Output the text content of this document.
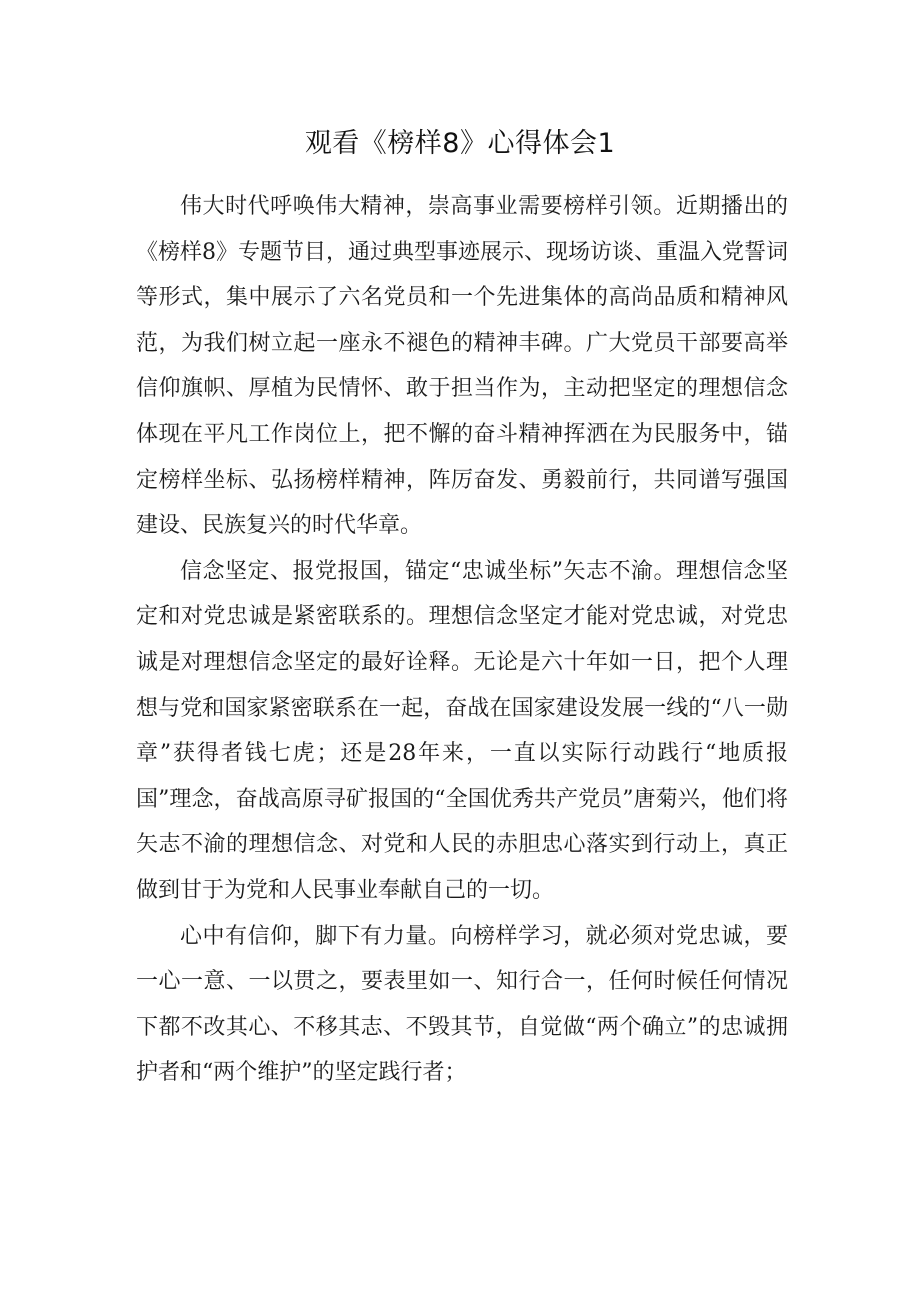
观看《榜样8》心得体会1

伟大时代呼唤伟大精神，崇高事业需要榜样引领。近期播出的《榜样8》专题节目，通过典型事迹展示、现场访谈、重温入党誓词等形式，集中展示了六名党员和一个先进集体的高尚品质和精神风范，为我们树立起一座永不褪色的精神丰碑。广大党员干部要高举信仰旗帜、厚植为民情怀、敢于担当作为，主动把坚定的理想信念体现在平凡工作岗位上，把不懈的奋斗精神挥洒在为民服务中，锚定榜样坐标、弘扬榜样精神，阵厉奋发、勇毅前行，共同谱写强国建设、民族复兴的时代华章。

信念坚定、报党报国，锚定“忠诚坐标”矢志不渝。理想信念坚定和对党忠诚是紧密联系的。理想信念坚定才能对党忠诚，对党忠诚是对理想信念坚定的最好诠释。无论是六十年如一日，把个人理想与党和国家紧密联系在一起，奋战在国家建设发展一线的“八一勋章”获得者钱七虎；还是28年来，一直以实际行动践行“地质报国”理念，奋战高原寻矿报国的“全国优秀共产党员”唐菊兴，他们将矢志不渝的理想信念、对党和人民的赤胆忠心落实到行动上，真正做到甘于为党和人民事业奉献自己的一切。

心中有信仰，脚下有力量。向榜样学习，就必须对党忠诚，要一心一意、一以贯之，要表里如一、知行合一，任何时候任何情况下都不改其心、不移其志、不毁其节，自觉做“两个确立”的忠诚拥护者和“两个维护”的坚定践行者；
